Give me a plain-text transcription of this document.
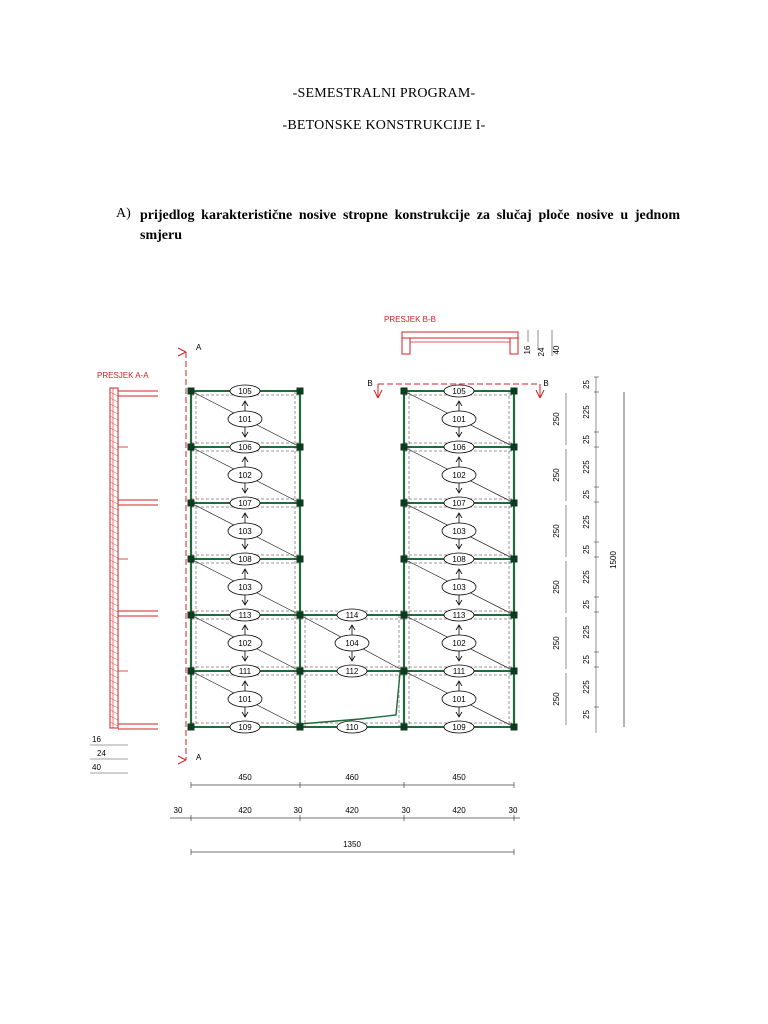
-SEMESTRALNI PROGRAM-
-BETONSKE KONSTRUKCIJE I-
A) prijedlog karakteristične nosive stropne konstrukcije za slučaj ploče nosive u jednom smjeru
105
106
107
108
113
111
109
105
106
107
108
113
111
109
114
112
110
101
102
103
103
102
101
101
102
103
103
102
101
104
PRESJEK A-A
A
A
16
24
40
PRESJEK B-B
16 24 40
B	B	25
225
25
225
25
225
25
225
25
225
25
225
25
250
250
250
250
250
250
1500
450	460	450
30	420	30	420	30	420	30
1350
